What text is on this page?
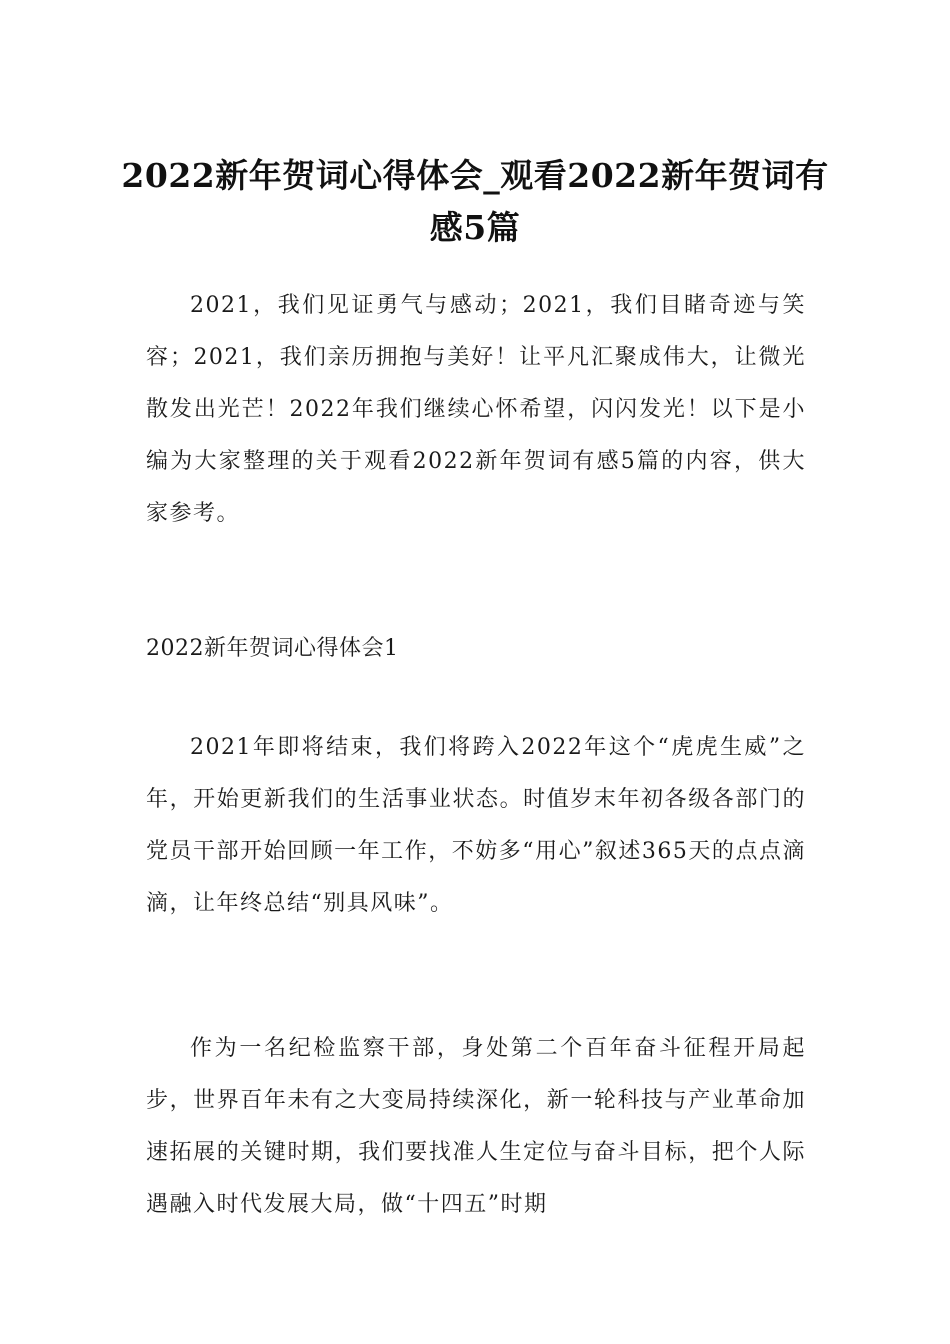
2022新年贺词心得体会_观看2022新年贺词有感5篇

2021，我们见证勇气与感动；2021，我们目睹奇迹与笑容；2021，我们亲历拥抱与美好！让平凡汇聚成伟大，让微光散发出光芒！2022年我们继续心怀希望，闪闪发光！以下是小编为大家整理的关于观看2022新年贺词有感5篇的内容，供大家参考。

2022新年贺词心得体会1

2021年即将结束，我们将跨入2022年这个“虎虎生威”之年，开始更新我们的生活事业状态。时值岁末年初各级各部门的党员干部开始回顾一年工作，不妨多“用心”叙述365天的点点滴滴，让年终总结“别具风味”。

作为一名纪检监察干部，身处第二个百年奋斗征程开局起步，世界百年未有之大变局持续深化，新一轮科技与产业革命加速拓展的关键时期，我们要找准人生定位与奋斗目标，把个人际遇融入时代发展大局，做“十四五”时期
